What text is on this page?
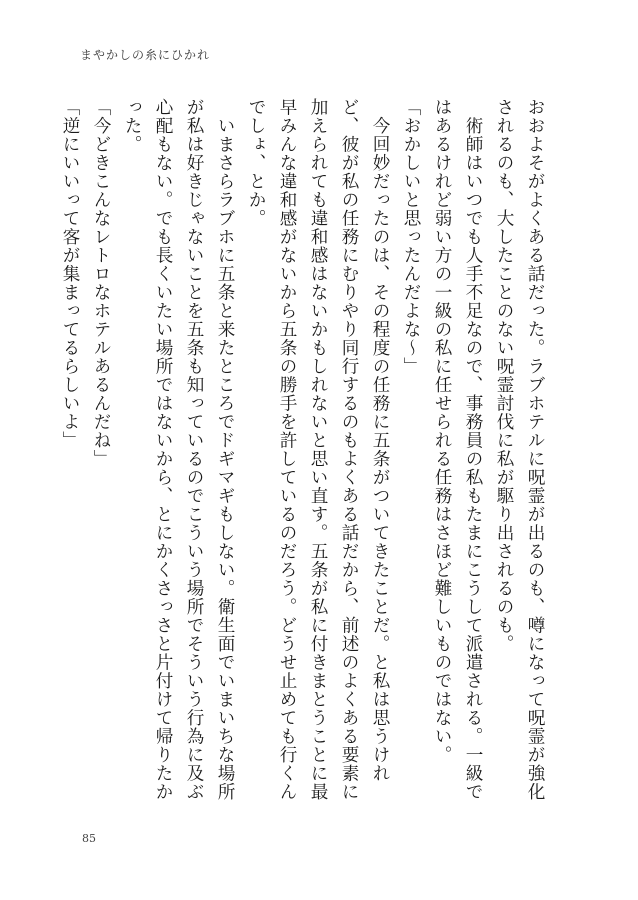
まやかしの糸にひかれ

おおよそがよくある話だった。ラブホテルに呪霊が出るのも、噂になって呪霊が強化されるのも、大したことのない呪霊討伐に私が駆り出されるのも。

　術師はいつでも人手不足なので、事務員の私もたまにこうして派遣される。一級ではあるけれど弱い方の一級の私に任せられる任務はさほど難しいものではない。

「おかしいと思ったんだよな〜」

　今回妙だったのは、その程度の任務に五条がついてきたことだ。と私は思うけれど、彼が私の任務にむりやり同行するのもよくある話だから、前述のよくある要素に加えられても違和感はないかもしれないと思い直す。五条が私に付きまとうことに最早みんな違和感がないから五条の勝手を許しているのだろう。どうせ止めても行くんでしょ、とか。

　いまさらラブホに五条と来たところでドギマギもしない。衛生面でいまいちな場所が私は好きじゃないことを五条も知っているのでこういう場所でそういう行為に及ぶ心配もない。でも長くいたい場所ではないから、とにかくさっさと片付けて帰りたかった。

「今どきこんなレトロなホテルあるんだね」

「逆にいいって客が集まってるらしいよ」

85
